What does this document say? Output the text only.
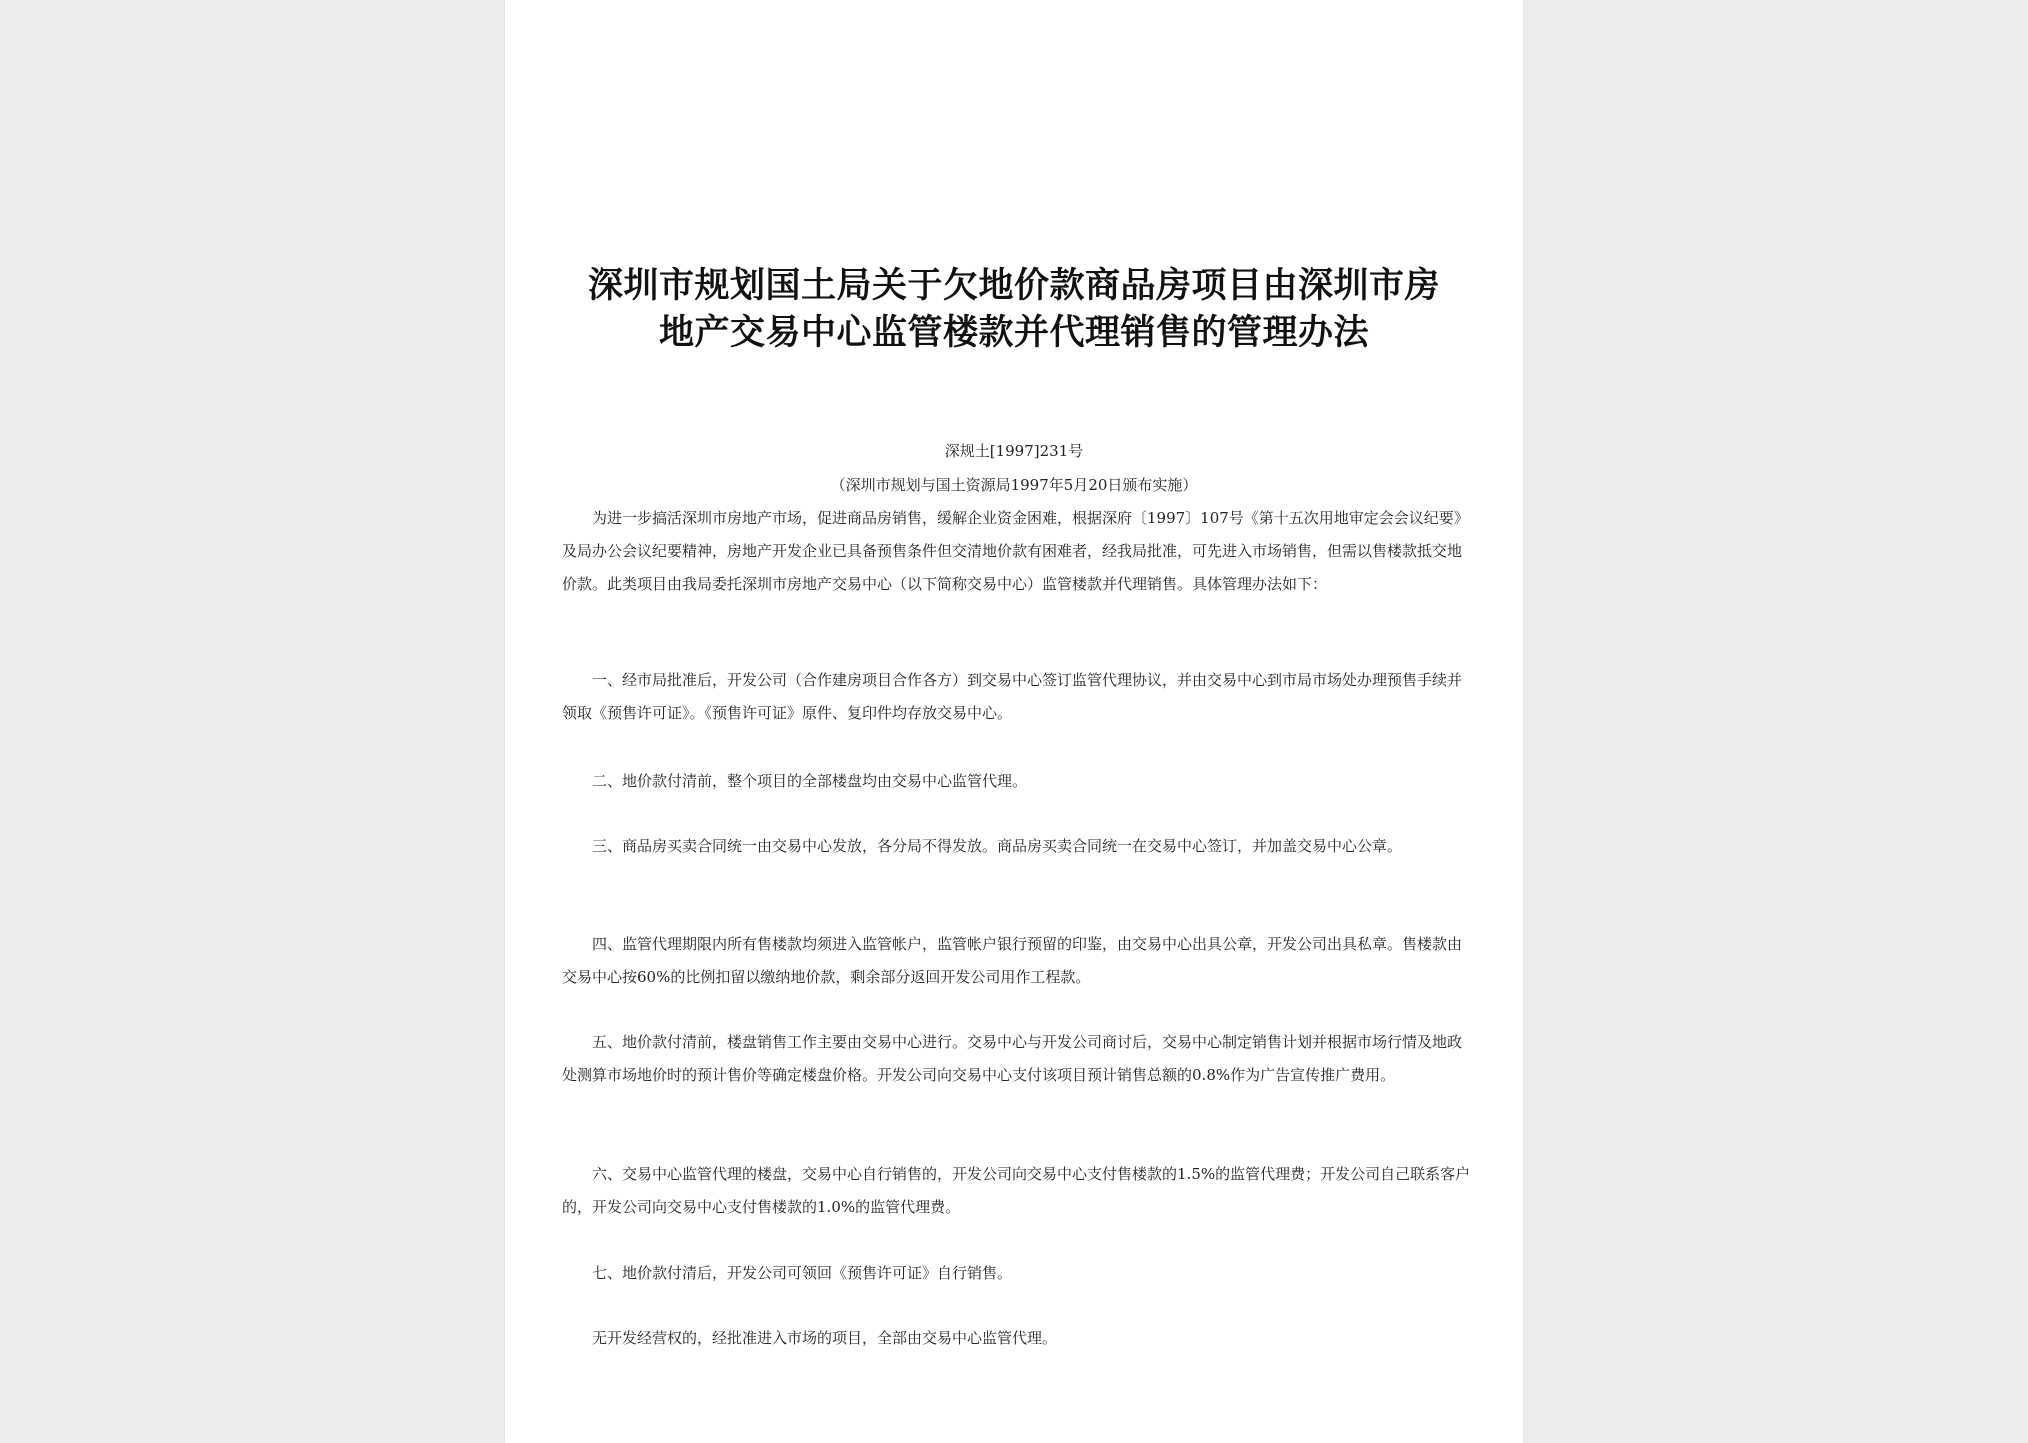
深圳市规划国土局关于欠地价款商品房项目由深圳市房
地产交易中心监管楼款并代理销售的管理办法
深规土[1997]231号
（深圳市规划与国土资源局1997年5月20日颁布实施）

为进一步搞活深圳市房地产市场，促进商品房销售，缓解企业资金困难，根据深府〔1997〕107号《第十五次用地审定会会议纪要》及局办公会议纪要精神，房地产开发企业已具备预售条件但交清地价款有困难者，经我局批准，可先进入市场销售，但需以售楼款抵交地价款。此类项目由我局委托深圳市房地产交易中心（以下简称交易中心）监管楼款并代理销售。具体管理办法如下：

一、经市局批准后，开发公司（合作建房项目合作各方）到交易中心签订监管代理协议，并由交易中心到市局市场处办理预售手续并领取《预售许可证》。《预售许可证》原件、复印件均存放交易中心。

二、地价款付清前，整个项目的全部楼盘均由交易中心监管代理。

三、商品房买卖合同统一由交易中心发放，各分局不得发放。商品房买卖合同统一在交易中心签订，并加盖交易中心公章。

四、监管代理期限内所有售楼款均须进入监管帐户，监管帐户银行预留的印鉴，由交易中心出具公章，开发公司出具私章。售楼款由交易中心按60%的比例扣留以缴纳地价款，剩余部分返回开发公司用作工程款。

五、地价款付清前，楼盘销售工作主要由交易中心进行。交易中心与开发公司商讨后，交易中心制定销售计划并根据市场行情及地政处测算市场地价时的预计售价等确定楼盘价格。开发公司向交易中心支付该项目预计销售总额的0.8%作为广告宣传推广费用。

六、交易中心监管代理的楼盘，交易中心自行销售的，开发公司向交易中心支付售楼款的1.5%的监管代理费；开发公司自己联系客户的，开发公司向交易中心支付售楼款的1.0%的监管代理费。

七、地价款付清后，开发公司可领回《预售许可证》自行销售。

无开发经营权的，经批准进入市场的项目，全部由交易中心监管代理。
